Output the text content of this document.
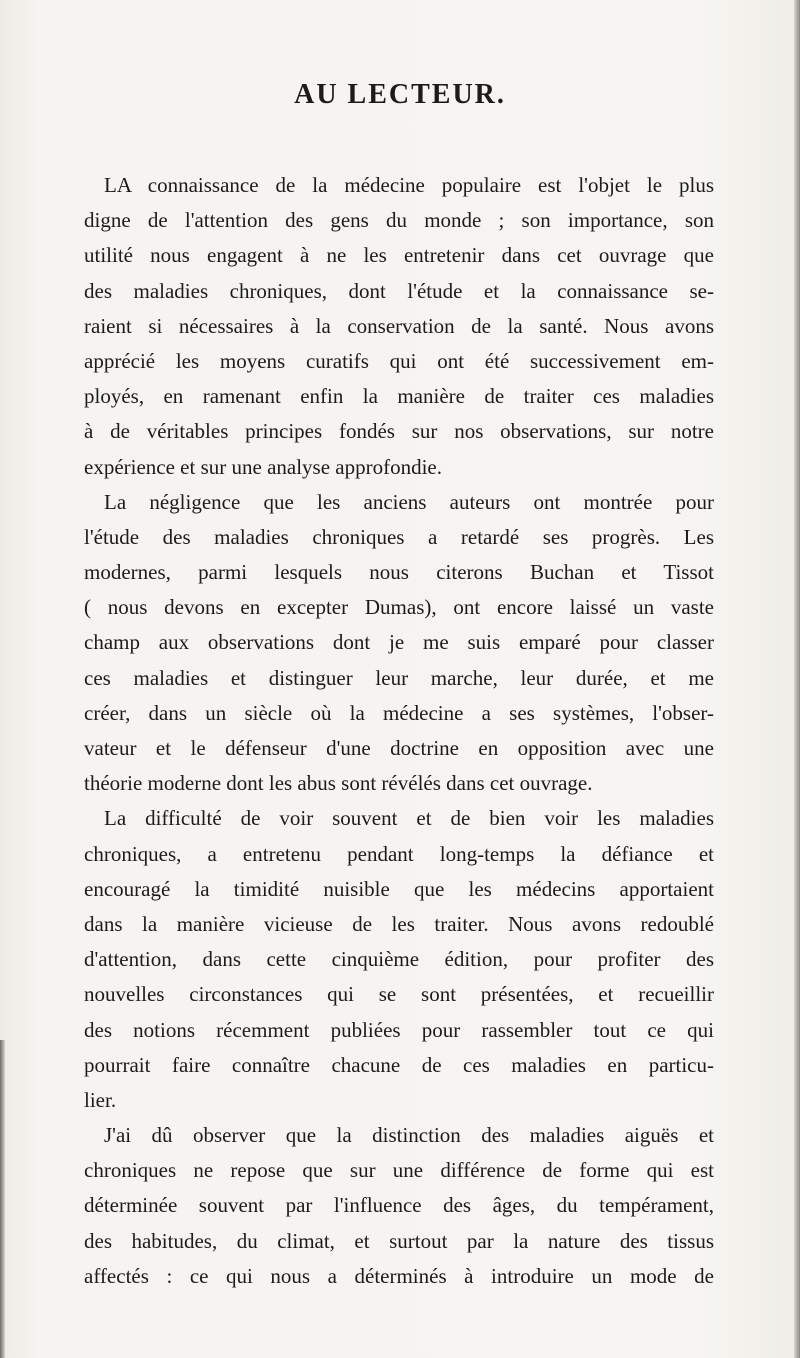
AU LECTEUR.
LA connaissance de la médecine populaire est l'objet le plus
digne de l'attention des gens du monde ; son importance, son
utilité nous engagent à ne les entretenir dans cet ouvrage que
des maladies chroniques, dont l'étude et la connaissance se-
raient si nécessaires à la conservation de la santé. Nous avons
apprécié les moyens curatifs qui ont été successivement em-
ployés, en ramenant enfin la manière de traiter ces maladies
à de véritables principes fondés sur nos observations, sur notre
expérience et sur une analyse approfondie.
La négligence que les anciens auteurs ont montrée pour
l'étude des maladies chroniques a retardé ses progrès. Les
modernes, parmi lesquels nous citerons Buchan et Tissot
( nous devons en excepter Dumas), ont encore laissé un vaste
champ aux observations dont je me suis emparé pour classer
ces maladies et distinguer leur marche, leur durée, et me
créer, dans un siècle où la médecine a ses systèmes, l'obser-
vateur et le défenseur d'une doctrine en opposition avec une
théorie moderne dont les abus sont révélés dans cet ouvrage.
La difficulté de voir souvent et de bien voir les maladies
chroniques, a entretenu pendant long-temps la défiance et
encouragé la timidité nuisible que les médecins apportaient
dans la manière vicieuse de les traiter. Nous avons redoublé
d'attention, dans cette cinquième édition, pour profiter des
nouvelles circonstances qui se sont présentées, et recueillir
des notions récemment publiées pour rassembler tout ce qui
pourrait faire connaître chacune de ces maladies en particu-
lier.
J'ai dû observer que la distinction des maladies aiguës et
chroniques ne repose que sur une différence de forme qui est
déterminée souvent par l'influence des âges, du tempérament,
des habitudes, du climat, et surtout par la nature des tissus
affectés : ce qui nous a déterminés à introduire un mode de
